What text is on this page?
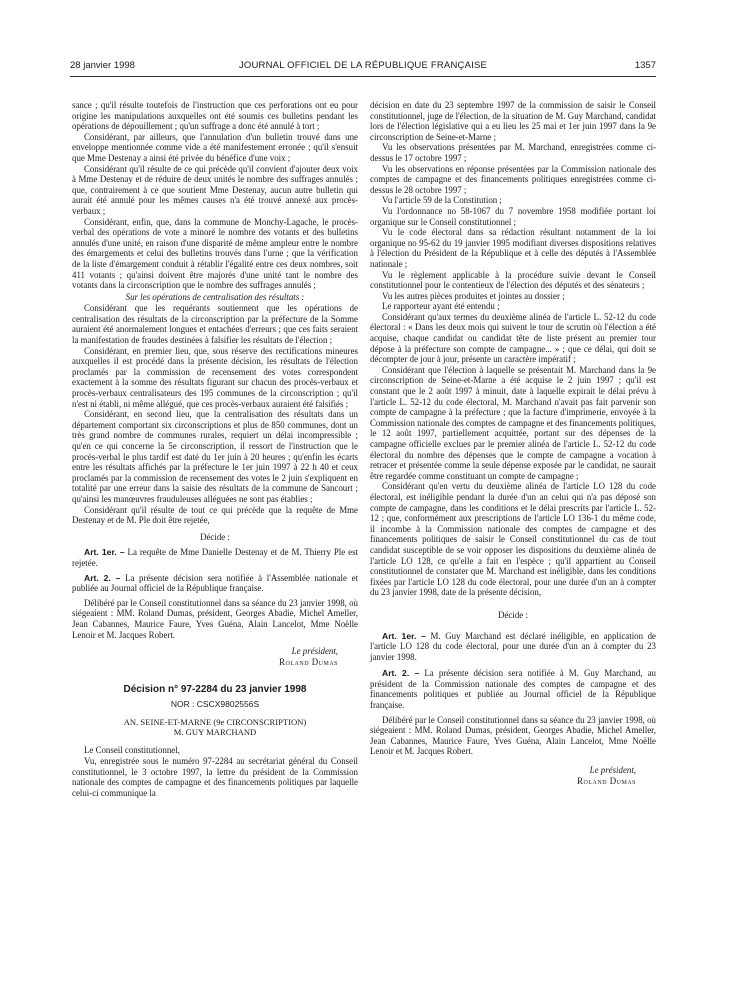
28 janvier 1998	JOURNAL OFFICIEL DE LA RÉPUBLIQUE FRANÇAISE	1357

sance ; qu'il résulte toutefois de l'instruction que ces perforations ont eu pour origine les manipulations auxquelles ont été soumis ces bulletins pendant les opérations de dépouillement ; qu'un suffrage a donc été annulé à tort ;

Considérant, par ailleurs, que l'annulation d'un bulletin trouvé dans une enveloppe mentionnée comme vide a été manifestement erronée ; qu'il s'ensuit que Mme Destenay a ainsi été privée du bénéfice d'une voix ;

Considérant qu'il résulte de ce qui précède qu'il convient d'ajouter deux voix à Mme Destenay et de réduire de deux unités le nombre des suffrages annulés ; que, contrairement à ce que soutient Mme Destenay, aucun autre bulletin qui aurait été annulé pour les mêmes causes n'a été trouvé annexé aux procès-verbaux ;

Considérant, enfin, que, dans la commune de Monchy-Lagache, le procès-verbal des opérations de vote a minoré le nombre des votants et des bulletins annulés d'une unité, en raison d'une disparité de même ampleur entre le nombre des émargements et celui des bulletins trouvés dans l'urne ; que la vérification de la liste d'émargement conduit à rétablir l'égalité entre ces deux nombres, soit 411 votants ; qu'ainsi doivent être majorés d'une unité tant le nombre des votants dans la circonscription que le nombre des suffrages annulés ;

Sur les opérations de centralisation des résultats :

Considérant que les requérants soutiennent que les opérations de centralisation des résultats de la circonscription par la préfecture de la Somme auraient été anormalement longues et entachées d'erreurs ; que ces faits seraient la manifestation de fraudes destinées à falsifier les résultats de l'élection ;

Considérant, en premier lieu, que, sous réserve des rectifications mineures auxquelles il est procédé dans la présente décision, les résultats de l'élection proclamés par la commission de recensement des votes correspondent exactement à la somme des résultats figurant sur chacun des procès-verbaux et procès-verbaux centralisateurs des 195 communes de la circonscription ; qu'il n'est ni établi, ni même allégué, que ces procès-verbaux auraient été falsifiés ;

Considérant, en second lieu, que la centralisation des résultats dans un département comportant six circonscriptions et plus de 850 communes, dont un très grand nombre de communes rurales, requiert un délai incompressible ; qu'en ce qui concerne la 5e circonscription, il ressort de l'instruction que le procès-verbal le plus tardif est daté du 1er juin à 20 heures ; qu'enfin les écarts entre les résultats affichés par la préfecture le 1er juin 1997 à 22 h 40 et ceux proclamés par la commission de recensement des votes le 2 juin s'expliquent en totalité par une erreur dans la saisie des résultats de la commune de Sancourt ; qu'ainsi les manœuvres frauduleuses alléguées ne sont pas établies ;

Considérant qu'il résulte de tout ce qui précède que la requête de Mme Destenay et de M. Ple doit être rejetée,

Décide :

Art. 1er. – La requête de Mme Danielle Destenay et de M. Thierry Ple est rejetée.

Art. 2. – La présente décision sera notifiée à l'Assemblée nationale et publiée au Journal officiel de la République française.

Délibéré par le Conseil constitutionnel dans sa séance du 23 janvier 1998, où siégeaient : MM. Roland Dumas, président, Georges Abadie, Michel Ameller, Jean Cabannes, Maurice Faure, Yves Guéna, Alain Lancelot, Mme Noëlle Lenoir et M. Jacques Robert.

Le président,
Roland Dumas

Décision n° 97-2284 du 23 janvier 1998

NOR : CSCX9802556S

AN. SEINE-ET-MARNE (9e CIRCONSCRIPTION)

M. GUY MARCHAND

Le Conseil constitutionnel,

Vu, enregistrée sous le numéro 97-2284 au secrétariat général du Conseil constitutionnel, le 3 octobre 1997, la lettre du président de la Commission nationale des comptes de campagne et des financements politiques par laquelle celui-ci communique la

décision en date du 23 septembre 1997 de la commission de saisir le Conseil constitutionnel, juge de l'élection, de la situation de M. Guy Marchand, candidat lors de l'élection législative qui a eu lieu les 25 mai et 1er juin 1997 dans la 9e circonscription de Seine-et-Marne ;

Vu les observations présentées par M. Marchand, enregistrées comme ci-dessus le 17 octobre 1997 ;

Vu les observations en réponse présentées par la Commission nationale des comptes de campagne et des financements politiques enregistrées comme ci-dessus le 28 octobre 1997 ;

Vu l'article 59 de la Constitution ;

Vu l'ordonnance no 58-1067 du 7 novembre 1958 modifiée portant loi organique sur le Conseil constitutionnel ;

Vu le code électoral dans sa rédaction résultant notamment de la loi organique no 95-62 du 19 janvier 1995 modifiant diverses dispositions relatives à l'élection du Président de la République et à celle des députés à l'Assemblée nationale ;

Vu le règlement applicable à la procédure suivie devant le Conseil constitutionnel pour le contentieux de l'élection des députés et des sénateurs ;

Vu les autres pièces produites et jointes au dossier ;

Le rapporteur ayant été entendu ;

Considérant qu'aux termes du deuxième alinéa de l'article L. 52-12 du code électoral : « Dans les deux mois qui suivent le tour de scrutin où l'élection a été acquise, chaque candidat ou candidat tête de liste présent au premier tour dépose à la préfecture son compte de campagne... » ; que ce délai, qui doit se décompter de jour à jour, présente un caractère impératif ;

Considérant que l'élection à laquelle se présentait M. Marchand dans la 9e circonscription de Seine-et-Marne a été acquise le 2 juin 1997 ; qu'il est constant que le 2 août 1997 à minuit, date à laquelle expirait le délai prévu à l'article L. 52-12 du code électoral, M. Marchand n'avait pas fait parvenir son compte de campagne à la préfecture ; que la facture d'imprimerie, envoyée à la Commission nationale des comptes de campagne et des financements politiques, le 12 août 1997, partiellement acquittée, portant sur des dépenses de la campagne officielle exclues par le premier alinéa de l'article L. 52-12 du code électoral du nombre des dépenses que le compte de campagne a vocation à retracer et présentée comme la seule dépense exposée par le candidat, ne saurait être regardée comme constituant un compte de campagne ;

Considérant qu'en vertu du deuxième alinéa de l'article LO 128 du code électoral, est inéligible pendant la durée d'un an celui qui n'a pas déposé son compte de campagne, dans les conditions et le délai prescrits par l'article L. 52-12 ; que, conformément aux prescriptions de l'article LO 136-1 du même code, il incombe à la Commission nationale des comptes de campagne et des financements politiques de saisir le Conseil constitutionnel du cas de tout candidat susceptible de se voir opposer les dispositions du deuxième alinéa de l'article LO 128, ce qu'elle a fait en l'espèce ; qu'il appartient au Conseil constitutionnel de constater que M. Marchand est inéligible, dans les conditions fixées par l'article LO 128 du code électoral, pour une durée d'un an à compter du 23 janvier 1998, date de la présente décision,

Décide :

Art. 1er. – M. Guy Marchand est déclaré inéligible, en application de l'article LO 128 du code électoral, pour une durée d'un an à compter du 23 janvier 1998.

Art. 2. – La présente décision sera notifiée à M. Guy Marchand, au président de la Commission nationale des comptes de campagne et des financements politiques et publiée au Journal officiel de la République française.

Délibéré par le Conseil constitutionnel dans sa séance du 23 janvier 1998, où siégeaient : MM. Roland Dumas, président, Georges Abadie, Michel Ameller, Jean Cabannes, Maurice Faure, Yves Guéna, Alain Lancelot, Mme Noëlle Lenoir et M. Jacques Robert.

Le président,
Roland Dumas
